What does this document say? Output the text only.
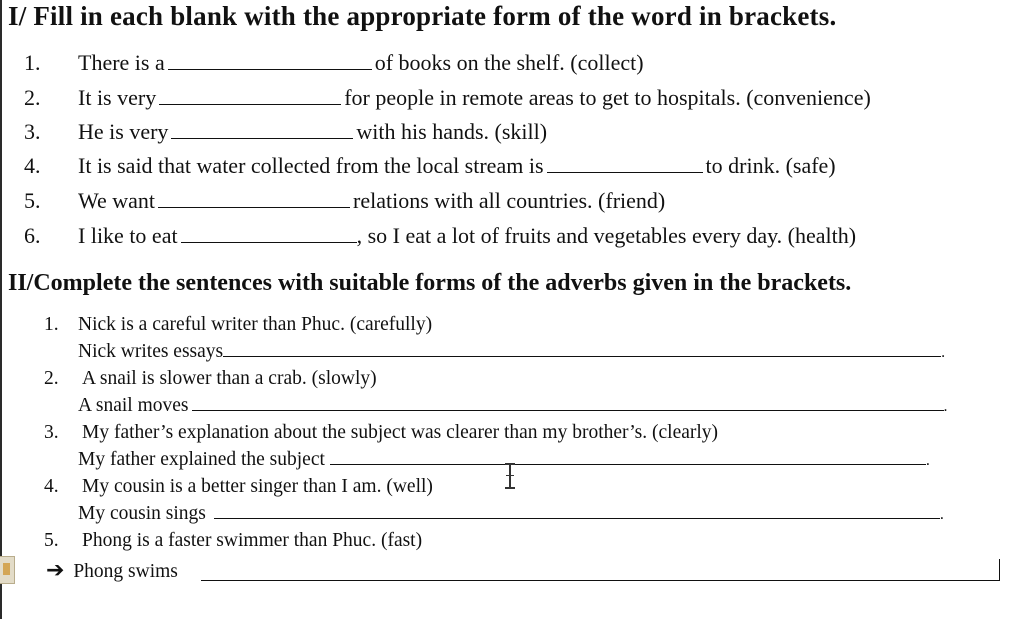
I/ Fill in each blank with the appropriate form of the word in brackets.
1. There is a	of books on the shelf. (collect)
2. It is very	for people in remote areas to get to hospitals. (convenience)
3. He is very	with his hands. (skill)
4. It is said that water collected from the local stream is	to drink. (safe)
5. We want	relations with all countries. (friend)
6. I like to eat	, so I eat a lot of fruits and vegetables every day. (health)
II/Complete the sentences with suitable forms of the adverbs given in the brackets.
1. Nick is a careful writer than Phuc. (carefully)
Nick writes essays	.
2. A snail is slower than a crab. (slowly)
A snail moves	.
3. My father’s explanation about the subject was clearer than my brother’s. (clearly)
My father explained the subject	.
4. My cousin is a better singer than I am. (well)
My cousin sings	.
5. Phong is a faster swimmer than Phuc. (fast)
➔ Phong swims
